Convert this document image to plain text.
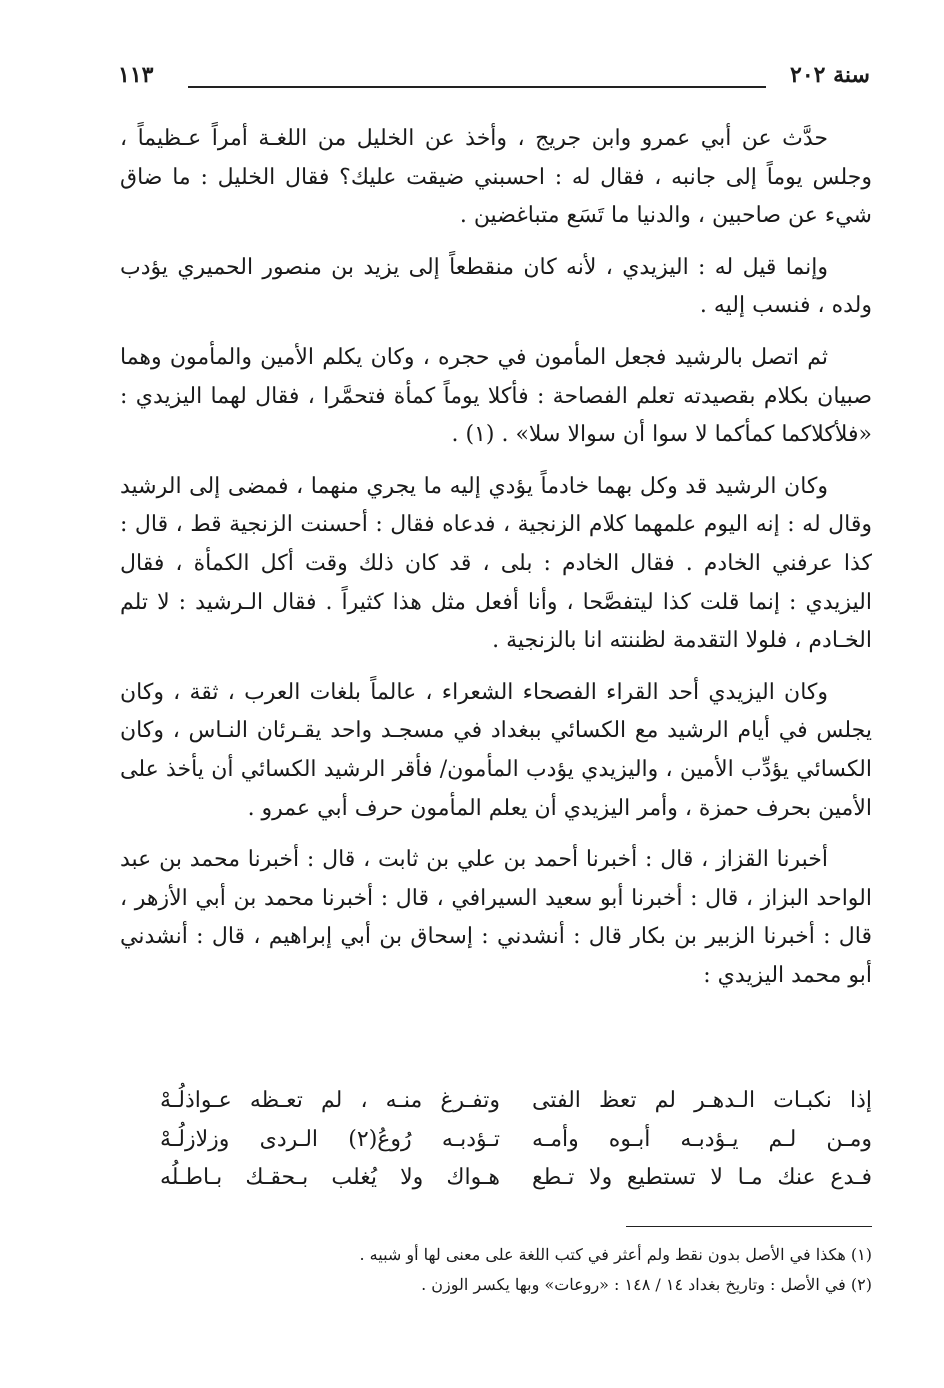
سنة ٢٠٢
١١٣

حدَّث عن أبي عمرو وابن جريج ، وأخذ عن الخليل من اللغـة أمراً عـظيماً ، وجلس يوماً إلى جانبه ، فقال له : احسبني ضيقت عليك؟ فقال الخليل : ما ضاق شيء عن صاحبين ، والدنيا ما تَسَع متباغضين .

وإنما قيل له : اليزيدي ، لأنه كان منقطعاً إلى يزيد بن منصور الحميري يؤدب ولده ، فنسب إليه .

ثم اتصل بالرشيد فجعل المأمون في حجره ، وكان يكلم الأمين والمأمون وهما صبيان بكلام بقصيدته تعلم الفصاحة : فأكلا يوماً كمأة فتحمَّرا ، فقال لهما اليزيدي : «فلأكلاكما كمأكما لا سوا أن سوالا سلا» . (١) .

وكان الرشيد قد وكل بهما خادماً يؤدي إليه ما يجري منهما ، فمضى إلى الرشيد وقال له : إنه اليوم علمهما كلام الزنجية ، فدعاه فقال : أحسنت الزنجية قط ، قال : كذا عرفني الخادم . فقال الخادم : بلى ، قد كان ذلك وقت أكل الكمأة ، فقال اليزيدي : إنما قلت كذا ليتفصَّحا ، وأنا أفعل مثل هذا كثيراً . فقال الـرشيد : لا تلم الخـادم ، فلولا التقدمة لظننته انا بالزنجية .

وكان اليزيدي أحد القراء الفصحاء الشعراء ، عالماً بلغات العرب ، ثقة ، وكان يجلس في أيام الرشيد مع الكسائي ببغداد في مسجـد واحد يقـرئان النـاس ، وكان الكسائي يؤدِّب الأمين ، واليزيدي يؤدب المأمون/ فأقر الرشيد الكسائي أن يأخذ على الأمين بحرف حمزة ، وأمر اليزيدي أن يعلم المأمون حرف أبي عمرو .

أخبرنا القزاز ، قال : أخبرنا أحمد بن علي بن ثابت ، قال : أخبرنا محمد بن عبد الواحد البزاز ، قال : أخبرنا أبو سعيد السيرافي ، قال : أخبرنا محمد بن أبي الأزهر ، قال : أخبرنا الزبير بن بكار قال : أنشدني : إسحاق بن أبي إبراهيم ، قال : أنشدني أبو محمد اليزيدي :

إذا نكبـات الـدهـر لم تعظ الفتى
وتفـرغ منـه ، لم تعـظه عـواذلُـهْ
ومـن لـم يـؤدبـه أبـوه وأمـه
تـؤدبـه رُوعُ(٢) الـردى وزلازلُـهْ
فـدع عنك مـا لا تستطيع ولا تـطع
هـواك ولا يُغلب بـحقـك بـاطـلُه
(١) هكذا في الأصل بدون نقط ولم أعثر في كتب اللغة على معنى لها أو شبيه .
(٢) في الأصل : وتاريخ بغداد ١٤ / ١٤٨ : «روعات» وبها يكسر الوزن .
